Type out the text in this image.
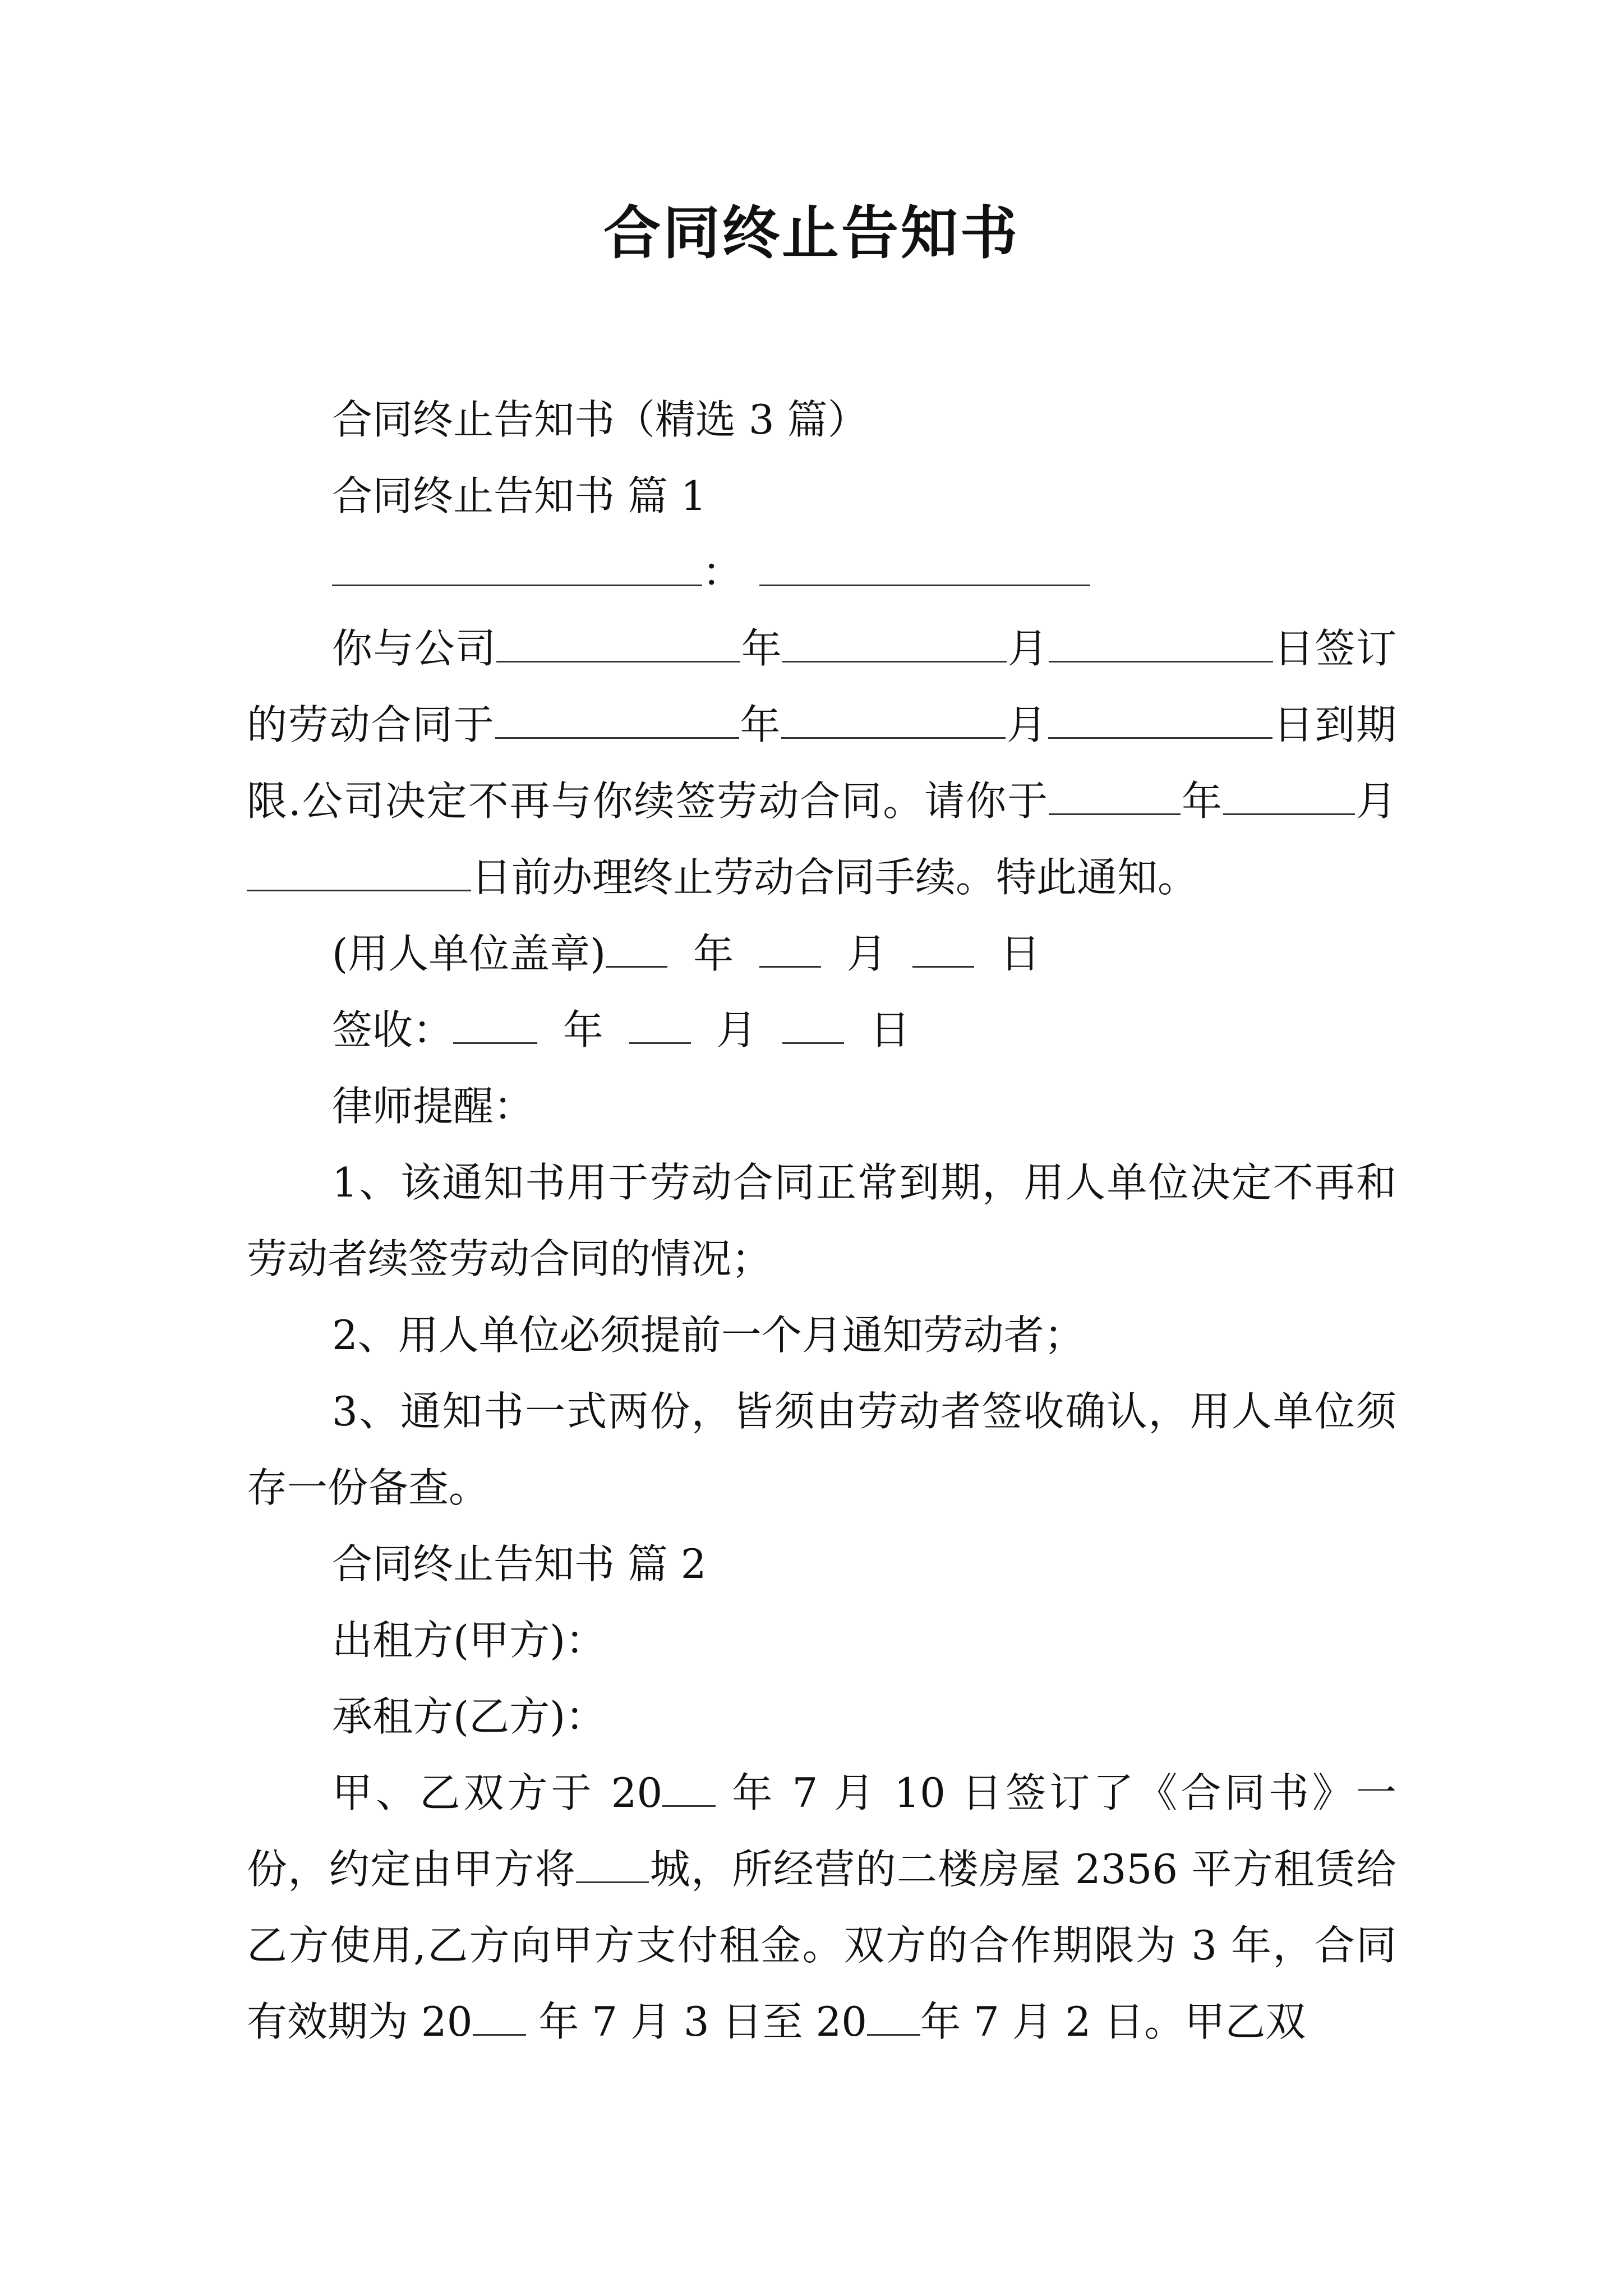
合同终止告知书

合同终止告知书（精选 3 篇）

合同终止告知书 篇 1

：

你与公司	年	月	日签订的劳动合同于	年	月	日到期限.公司决定不再与你续签劳动合同。请你于	年	月日前办理终止劳动合同手续。特此通知。

(用人单位盖章) 年	月	日

签收：	年	月	日

律师提醒：

1、该通知书用于劳动合同正常到期，用人单位决定不再和劳动者续签劳动合同的情况；

2、用人单位必须提前一个月通知劳动者；

3、通知书一式两份，皆须由劳动者签收确认，用人单位须存一份备查。

合同终止告知书 篇 2

出租方(甲方)：

承租方(乙方)：

甲、乙双方于 20 年 7 月 10 日签订了《合同书》一份，约定由甲方将 城，所经营的二楼房屋 2356 平方租赁给乙方使用,乙方向甲方支付租金。双方的合作期限为 3 年，合同有效期为 20 年 7 月 3 日至 20 年 7 月 2 日。甲乙双
